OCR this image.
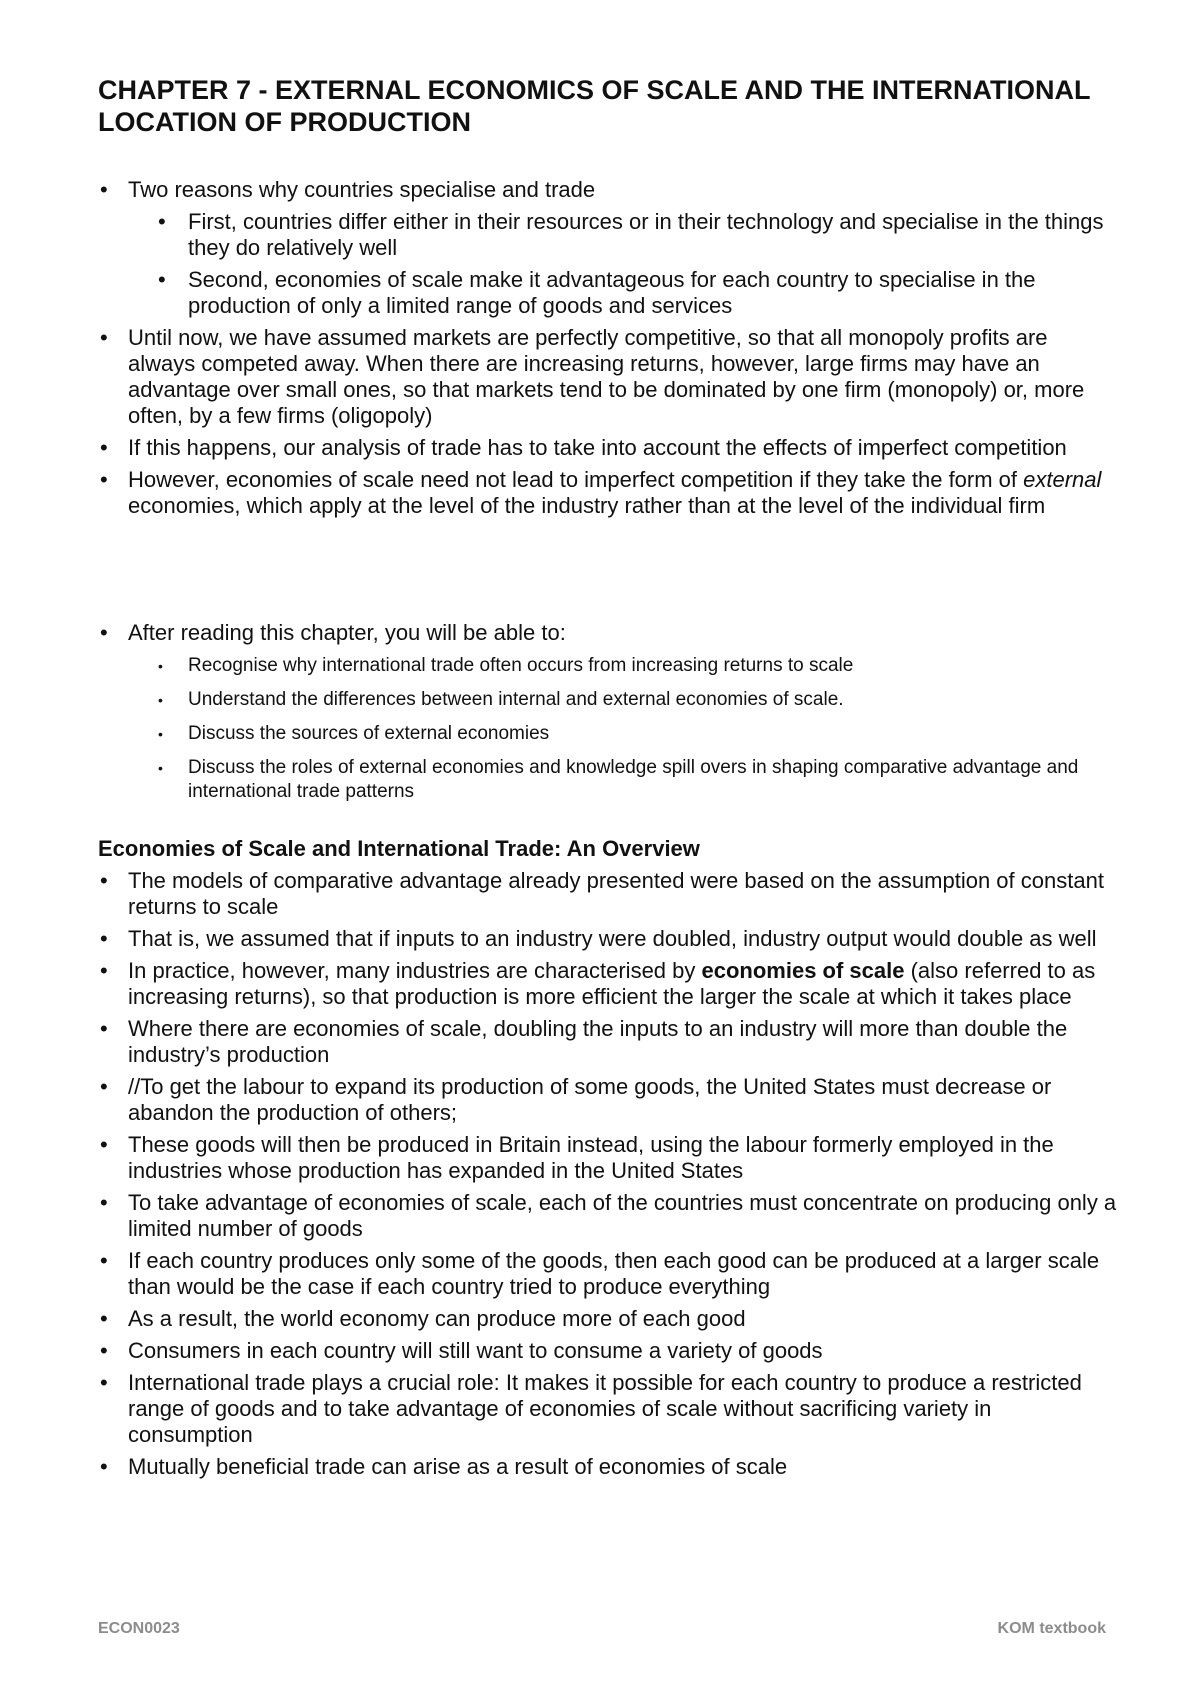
CHAPTER 7 - EXTERNAL ECONOMICS OF SCALE AND THE INTERNATIONAL LOCATION OF PRODUCTION
• Two reasons why countries specialise and trade
• First, countries differ either in their resources or in their technology and specialise in the things they do relatively well
• Second, economies of scale make it advantageous for each country to specialise in the production of only a limited range of goods and services
• Until now, we have assumed markets are perfectly competitive, so that all monopoly profits are always competed away. When there are increasing returns, however, large firms may have an advantage over small ones, so that markets tend to be dominated by one firm (monopoly) or, more often, by a few firms (oligopoly)
• If this happens, our analysis of trade has to take into account the effects of imperfect competition
• However, economies of scale need not lead to imperfect competition if they take the form of external economies, which apply at the level of the industry rather than at the level of the individual firm
• After reading this chapter, you will be able to:
• Recognise why international trade often occurs from increasing returns to scale
• Understand the differences between internal and external economies of scale.
• Discuss the sources of external economies
• Discuss the roles of external economies and knowledge spill overs in shaping comparative advantage and international trade patterns
Economies of Scale and International Trade: An Overview
• The models of comparative advantage already presented were based on the assumption of constant returns to scale
• That is, we assumed that if inputs to an industry were doubled, industry output would double as well
• In practice, however, many industries are characterised by economies of scale (also referred to as increasing returns), so that production is more efficient the larger the scale at which it takes place
• Where there are economies of scale, doubling the inputs to an industry will more than double the industry’s production
• //To get the labour to expand its production of some goods, the United States must decrease or abandon the production of others;
• These goods will then be produced in Britain instead, using the labour formerly employed in the industries whose production has expanded in the United States
• To take advantage of economies of scale, each of the countries must concentrate on producing only a limited number of goods
• If each country produces only some of the goods, then each good can be produced at a larger scale than would be the case if each country tried to produce everything
• As a result, the world economy can produce more of each good
• Consumers in each country will still want to consume a variety of goods
• International trade plays a crucial role: It makes it possible for each country to produce a restricted range of goods and to take advantage of economies of scale without sacrificing variety in consumption
• Mutually beneficial trade can arise as a result of economies of scale

ECON0023	KOM textbook
